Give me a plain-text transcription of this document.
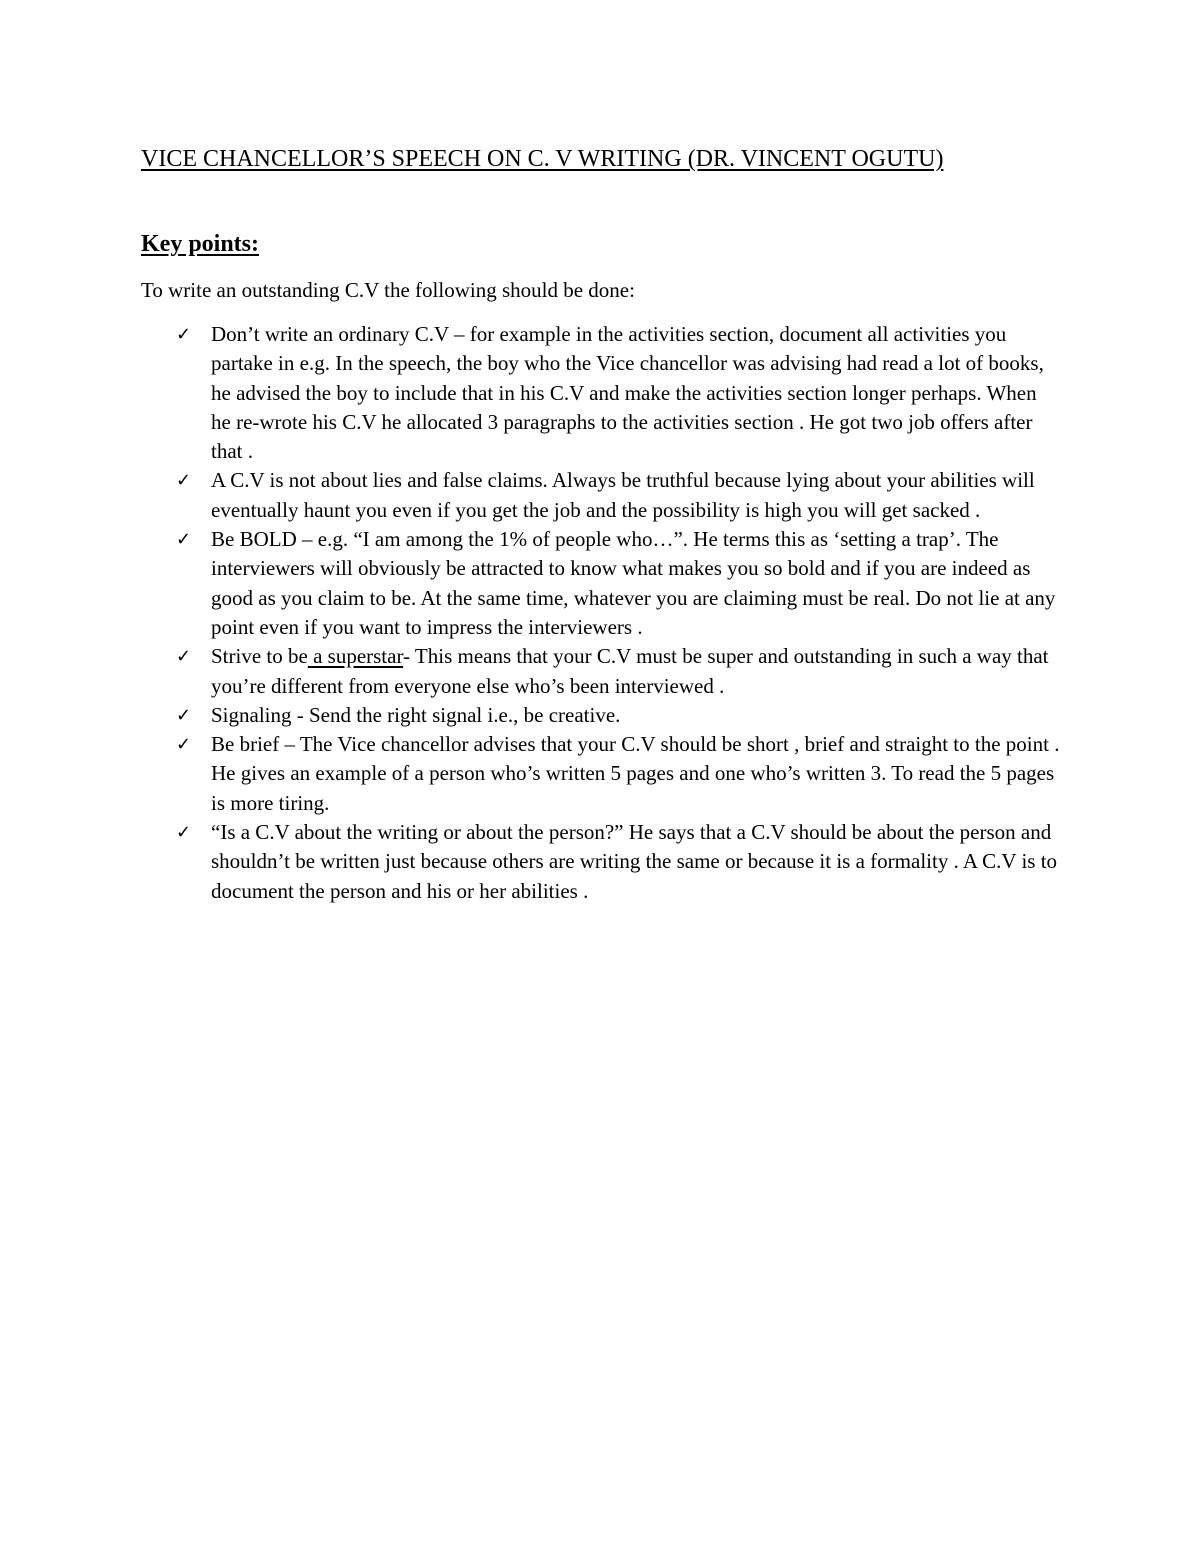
VICE CHANCELLOR’S SPEECH ON C. V WRITING (DR. VINCENT OGUTU)
Key points:

To write an outstanding C.V the following should be done:

✓ Don’t write an ordinary C.V – for example in the activities section, document all activities you partake in e.g. In the speech, the boy who the Vice chancellor was advising had read a lot of books, he advised the boy to include that in his C.V and make the activities section longer perhaps. When he re-wrote his C.V he allocated 3 paragraphs to the activities section . He got two job offers after that .
✓ A C.V is not about lies and false claims. Always be truthful because lying about your abilities will eventually haunt you even if you get the job and the possibility is high you will get sacked .
✓ Be BOLD – e.g. “I am among the 1% of people who…”. He terms this as ‘setting a trap’. The interviewers will obviously be attracted to know what makes you so bold and if you are indeed as good as you claim to be. At the same time, whatever you are claiming must be real. Do not lie at any point even if you want to impress the interviewers .
✓ Strive to be a superstar- This means that your C.V must be super and outstanding in such a way that you’re different from everyone else who’s been interviewed .
✓ Signaling - Send the right signal i.e., be creative.
✓ Be brief – The Vice chancellor advises that your C.V should be short , brief and straight to the point . He gives an example of a person who’s written 5 pages and one who’s written 3. To read the 5 pages is more tiring.
✓ “Is a C.V about the writing or about the person?” He says that a C.V should be about the person and shouldn’t be written just because others are writing the same or because it is a formality . A C.V is to document the person and his or her abilities .
